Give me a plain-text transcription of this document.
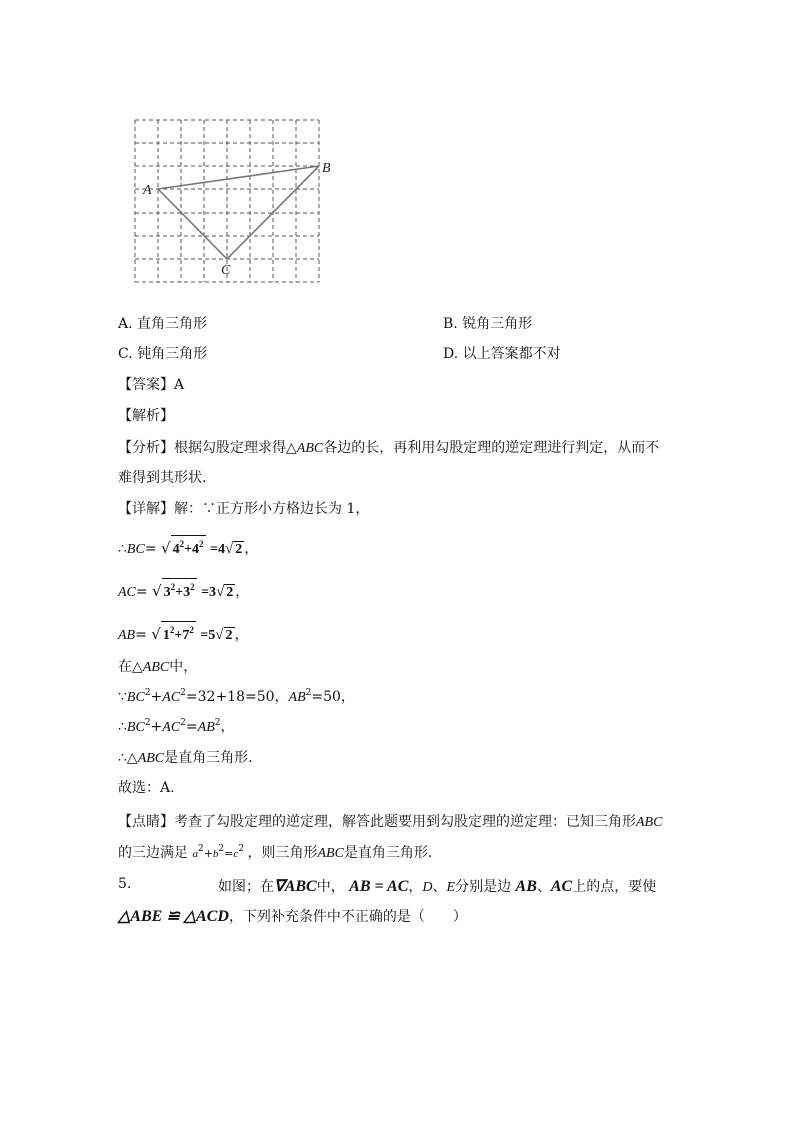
A
B
C
A. 直角三角形	B. 锐角三角形
C. 钝角三角形	D. 以上答案都不对
【答案】A
【解析】
【分析】根据勾股定理求得△ABC各边的长，再利用勾股定理的逆定理进行判定，从而不
难得到其形状.
【详解】解：∵正方形小方格边长为 1，
∴BC= √ $4^2+4^2 =4√$ 2 ，
AC= √ $3^2+3^2 =3√$ 2 ，
AB= √ $1^2+7^2 =5√$ 2 ，
在△ABC中，
$\because BC^2+AC^2=32+18=50$，$AB^2=50$，
$\therefore BC^2+AC^2=AB^2$，
∴△ABC是直角三角形.
故选：A.
【点睛】考查了勾股定理的逆定理，解答此题要用到勾股定理的逆定理：已知三角形ABC
的三边满足 $a^2+b^2=c^2$ ，则三角形ABC是直角三角形.
5.	如图；在∇ABC中， AB = AC，D、E分别是边 AB、AC上的点，要使
△ABE ≌ △ACD，下列补充条件中不正确的是（　　）
